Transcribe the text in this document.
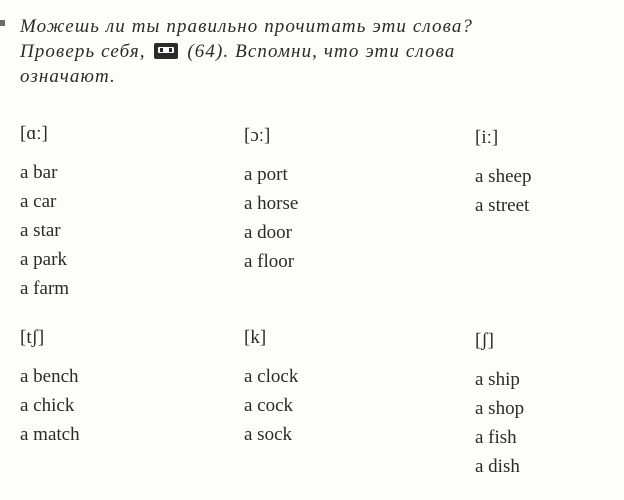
Можешь ли ты правильно прочитать эти слова?
Проверь себя, (64). Вспомни, что эти слова
означают.
[ɑː]
a bar
a car
a star
a park
a farm
[ɔː]
a port
a horse
a door
a floor
[iː]
a sheep
a street
[tʃ]
a bench
a chick
a match
[k]
a clock
a cock
a sock
[ʃ]
a ship
a shop
a fish
a dish
